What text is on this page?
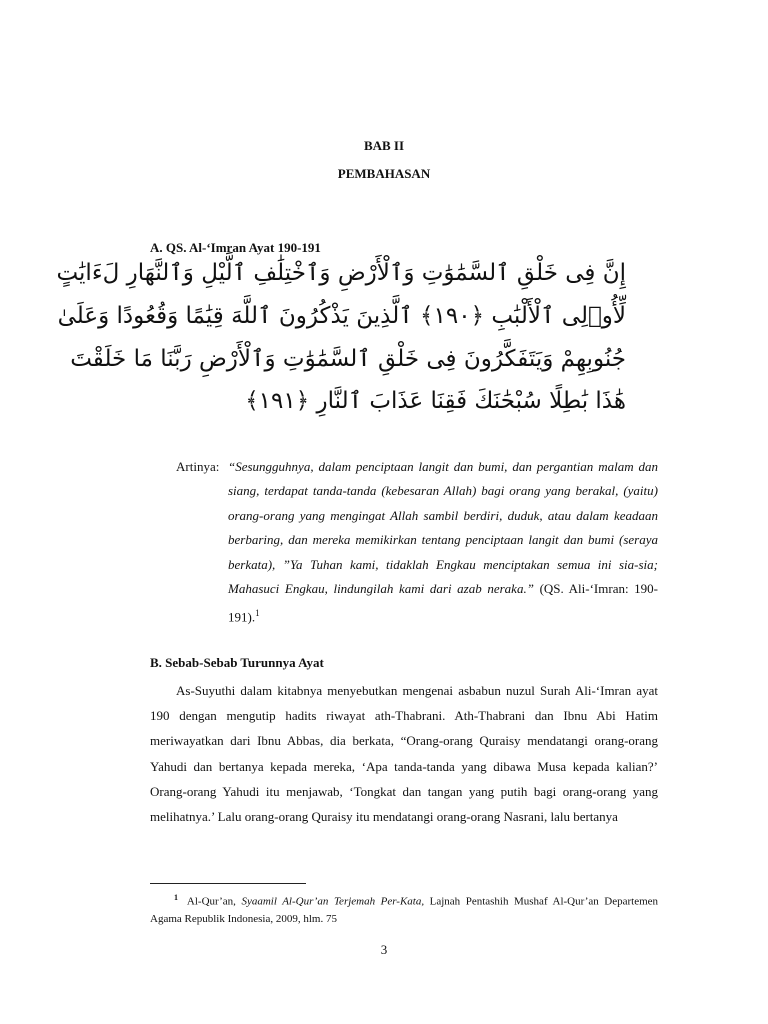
BAB II
PEMBAHASAN
A. QS. Al-‘Imran Ayat 190-191
إِنَّ فِى خَلْقِ ٱلسَّمَٰوَٰتِ وَٱلْأَرْضِ وَٱخْتِلَٰفِ ٱلَّيْلِ وَٱلنَّهَارِ لَءَايَٰتٍ
لِّأُو۟لِى ٱلْأَلْبَٰبِ ﴿١٩٠﴾ ٱلَّذِينَ يَذْكُرُونَ ٱللَّهَ قِيَٰمًا وَقُعُودًا وَعَلَىٰ
جُنُوبِهِمْ وَيَتَفَكَّرُونَ فِى خَلْقِ ٱلسَّمَٰوَٰتِ وَٱلْأَرْضِ رَبَّنَا مَا خَلَقْتَ
هَٰذَا بَٰطِلًا سُبْحَٰنَكَ فَقِنَا عَذَابَ ٱلنَّارِ ﴿١٩١﴾
Artinya: “Sesungguhnya, dalam penciptaan langit dan bumi, dan pergantian malam dan siang, terdapat tanda-tanda (kebesaran Allah) bagi orang yang berakal, (yaitu) orang-orang yang mengingat Allah sambil berdiri, duduk, atau dalam keadaan berbaring, dan mereka memikirkan tentang penciptaan langit dan bumi (seraya berkata), ”Ya Tuhan kami, tidaklah Engkau menciptakan semua ini sia-sia; Mahasuci Engkau, lindungilah kami dari azab neraka.” (QS. Ali-‘Imran: 190-191).$^1$
B. Sebab-Sebab Turunnya Ayat
As-Suyuthi dalam kitabnya menyebutkan mengenai asbabun nuzul Surah Ali-‘Imran ayat 190 dengan mengutip hadits riwayat ath-Thabrani. Ath-Thabrani dan Ibnu Abi Hatim meriwayatkan dari Ibnu Abbas, dia berkata, “Orang-orang Quraisy mendatangi orang-orang Yahudi dan bertanya kepada mereka, ‘Apa tanda-tanda yang dibawa Musa kepada kalian?’ Orang-orang Yahudi itu menjawab, ‘Tongkat dan tangan yang putih bagi orang-orang yang melihatnya.’ Lalu orang-orang Quraisy itu mendatangi orang-orang Nasrani, lalu bertanya
$^1$ Al-Qur’an, Syaamil Al-Qur’an Terjemah Per-Kata, Lajnah Pentashih Mushaf Al-Qur’an Departemen Agama Republik Indonesia, 2009, hlm. 75
3
